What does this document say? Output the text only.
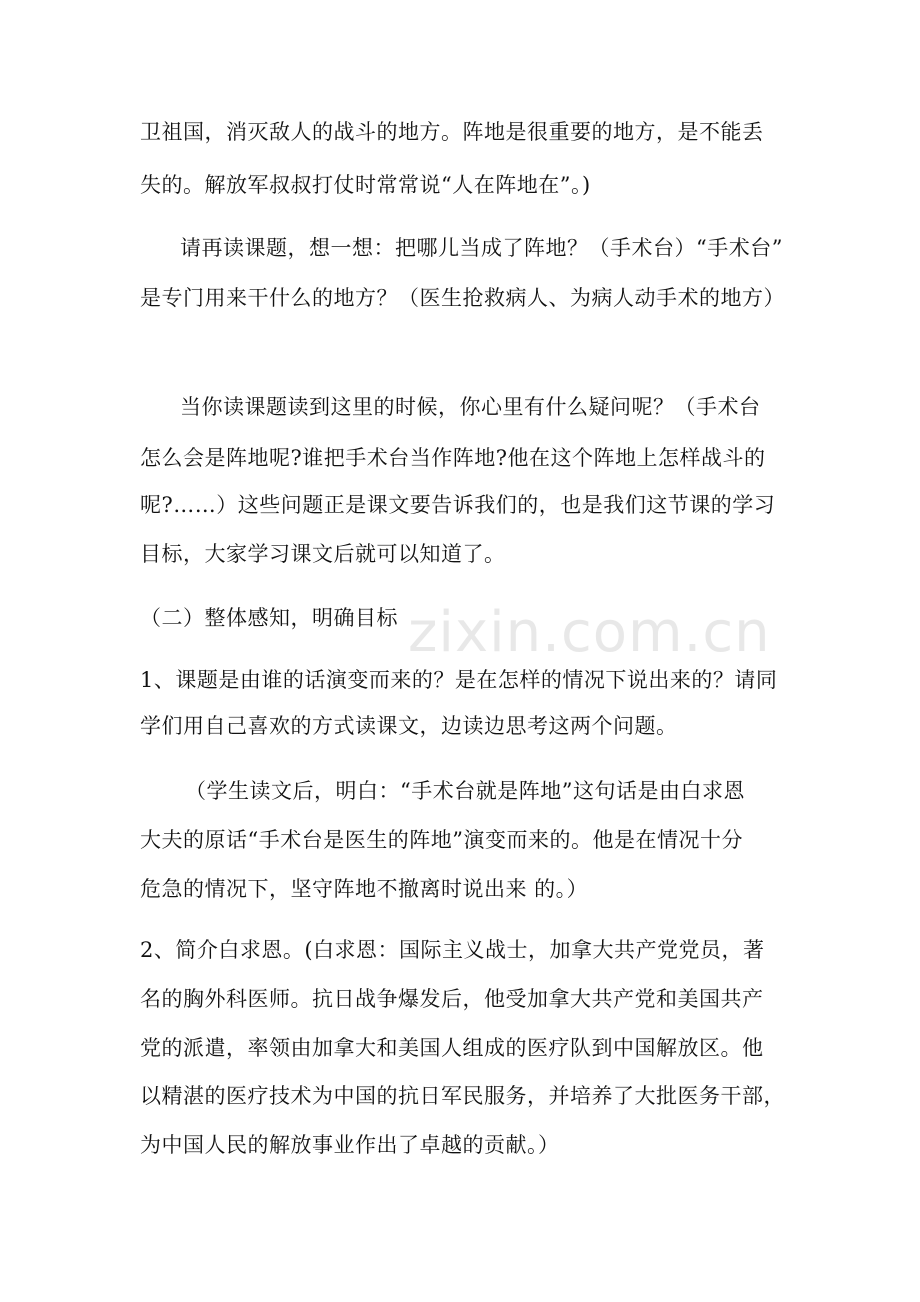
zixin.com.cn
卫祖国，消灭敌人的战斗的地方。阵地是很重要的地方，是不能丢
失的。解放军叔叔打仗时常常说“人在阵地在”。)
请再读课题，想一想：把哪儿当成了阵地？（手术台）“手术台”
是专门用来干什么的地方？（医生抢救病人、为病人动手术的地方）
当你读课题读到这里的时候，你心里有什么疑问呢？（手术台
怎么会是阵地呢?谁把手术台当作阵地?他在这个阵地上怎样战斗的
呢?……）这些问题正是课文要告诉我们的，也是我们这节课的学习
目标，大家学习课文后就可以知道了。
（二）整体感知，明确目标
1、课题是由谁的话演变而来的？是在怎样的情况下说出来的？请同
学们用自己喜欢的方式读课文，边读边思考这两个问题。
（学生读文后，明白：“手术台就是阵地”这句话是由白求恩
大夫的原话“手术台是医生的阵地”演变而来的。他是在情况十分
危急的情况下，坚守阵地不撤离时说出来 的。）
2、简介白求恩。(白求恩：国际主义战士，加拿大共产党党员，著
名的胸外科医师。抗日战争爆发后，他受加拿大共产党和美国共产
党的派遣，率领由加拿大和美国人组成的医疗队到中国解放区。他
以精湛的医疗技术为中国的抗日军民服务，并培养了大批医务干部，
为中国人民的解放事业作出了卓越的贡献。）
